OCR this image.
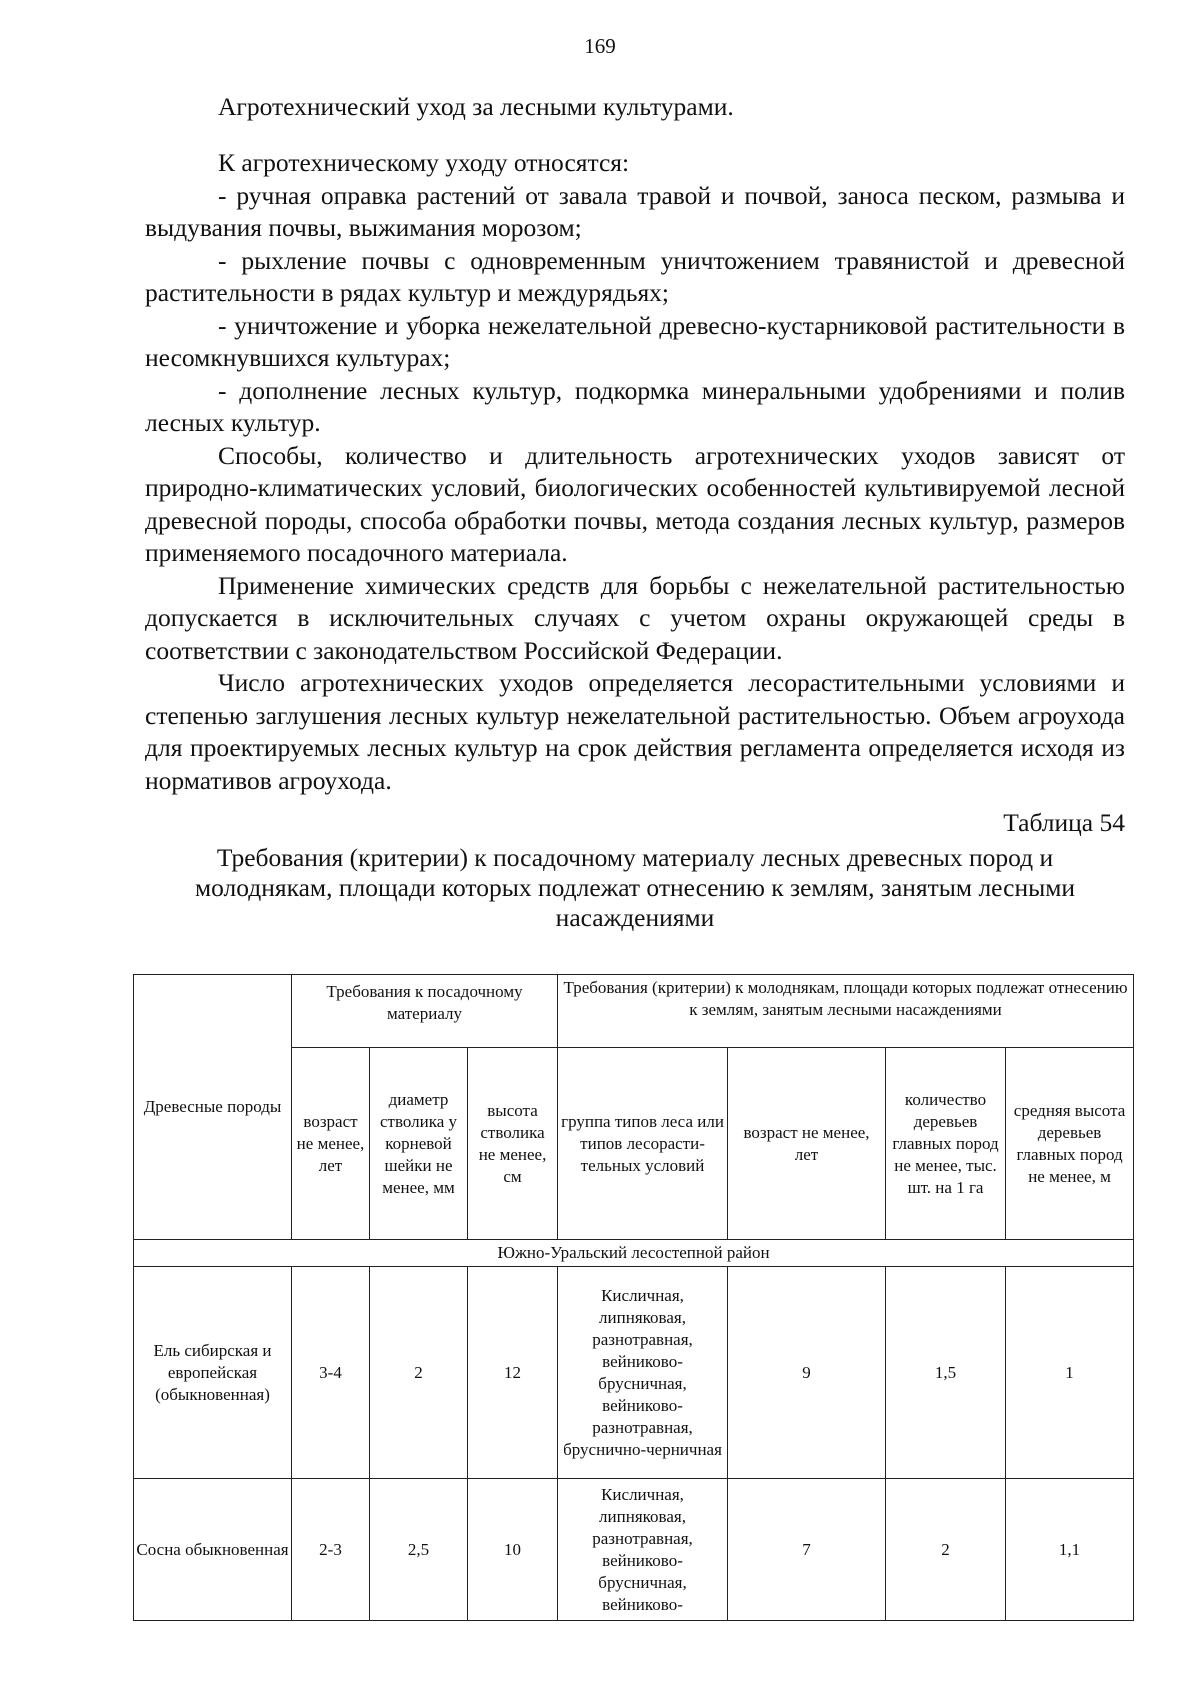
169
Агротехнический уход за лесными культурами.

К агротехническому уходу относятся:

- ручная оправка растений от завала травой и почвой, заноса песком, размыва и выдувания почвы, выжимания морозом;

- рыхление почвы с одновременным уничтожением травянистой и древесной растительности в рядах культур и междурядьях;

- уничтожение и уборка нежелательной древесно-кустарниковой растительности в несомкнувшихся культурах;

- дополнение лесных культур, подкормка минеральными удобрениями и полив лесных культур.

Способы, количество и длительность агротехнических уходов зависят от природно-климатических условий, биологических особенностей культивируемой лесной древесной породы, способа обработки почвы, метода создания лесных культур, размеров применяемого посадочного материала.

Применение химических средств для борьбы с нежелательной растительностью допускается в исключительных случаях с учетом охраны окружающей среды в соответствии с законодательством Российской Федерации.

Число агротехнических уходов определяется лесорастительными условиями и степенью заглушения лесных культур нежелательной растительностью. Объем агроухода для проектируемых лесных культур на срок действия регламента определяется исходя из нормативов агроухода.

Таблица 54
Требования (критерии) к посадочному материалу лесных древесных пород и молоднякам, площади которых подлежат отнесению к землям, занятым лесными насаждениями
Древесные породы	Требования к посадочному материалу			Требования (критерии) к молоднякам, площади которых подлежат отнесению к землям, занятым лесными насаждениями			
	возраст не менее, лет	диаметр стволика у корневой шейки не менее, мм	высота стволика не менее, см	группа типов леса или типов лесорасти-тельных условий	возраст не менее, лет	количество деревьев главных пород не менее, тыс. шт. на 1 га	средняя высота деревьев главных пород не менее, м
Южно-Уральский лесостепной район							
Ель сибирская и европейская (обыкновенная)	3-4	2	12	Кисличная, липняковая, разнотравная, вейниково-брусничная, вейниково-разнотравная, бруснично-черничная	9	1,5	1
Сосна обыкновенная	2-3	2,5	10	Кисличная, липняковая, разнотравная, вейниково-брусничная, вейниково-	7	2	1,1
